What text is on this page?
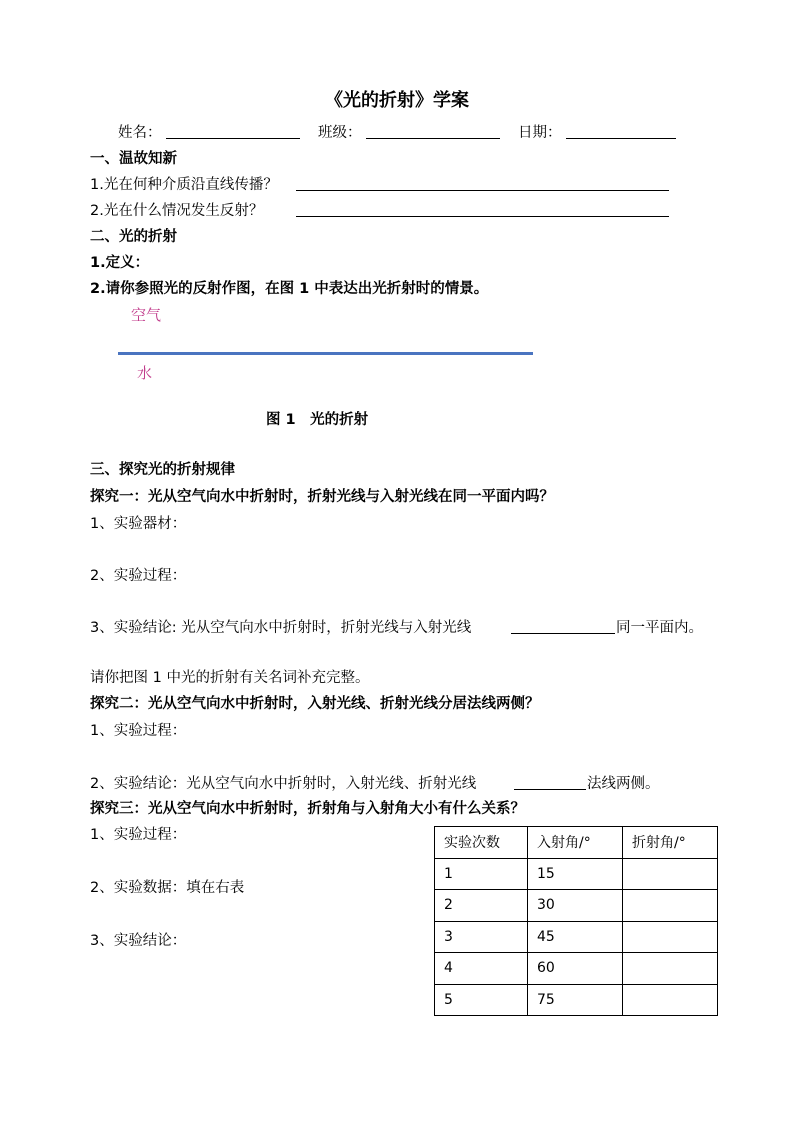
《光的折射》学案
姓名：	班级：	日期：
一、温故知新
1.光在何种介质沿直线传播？
2.光在什么情况发生反射？
二、光的折射
1.定义：
2.请你参照光的反射作图，在图 1 中表达出光折射时的情景。
空气
水
图 1　光的折射
三、探究光的折射规律
探究一：光从空气向水中折射时，折射光线与入射光线在同一平面内吗？
1、实验器材：
2、实验过程：
3、实验结论: 光从空气向水中折射时，折射光线与入射光线	同一平面内。
请你把图 1 中光的折射有关名词补充完整。
探究二：光从空气向水中折射时，入射光线、折射光线分居法线两侧？
1、实验过程：
2、实验结论：光从空气向水中折射时，入射光线、折射光线	法线两侧。
探究三：光从空气向水中折射时，折射角与入射角大小有什么关系？
1、实验过程：
2、实验数据：填在右表
3、实验结论：
实验次数	入射角/°	折射角/°
1	15	
2	30	
3	45	
4	60	
5	75	
